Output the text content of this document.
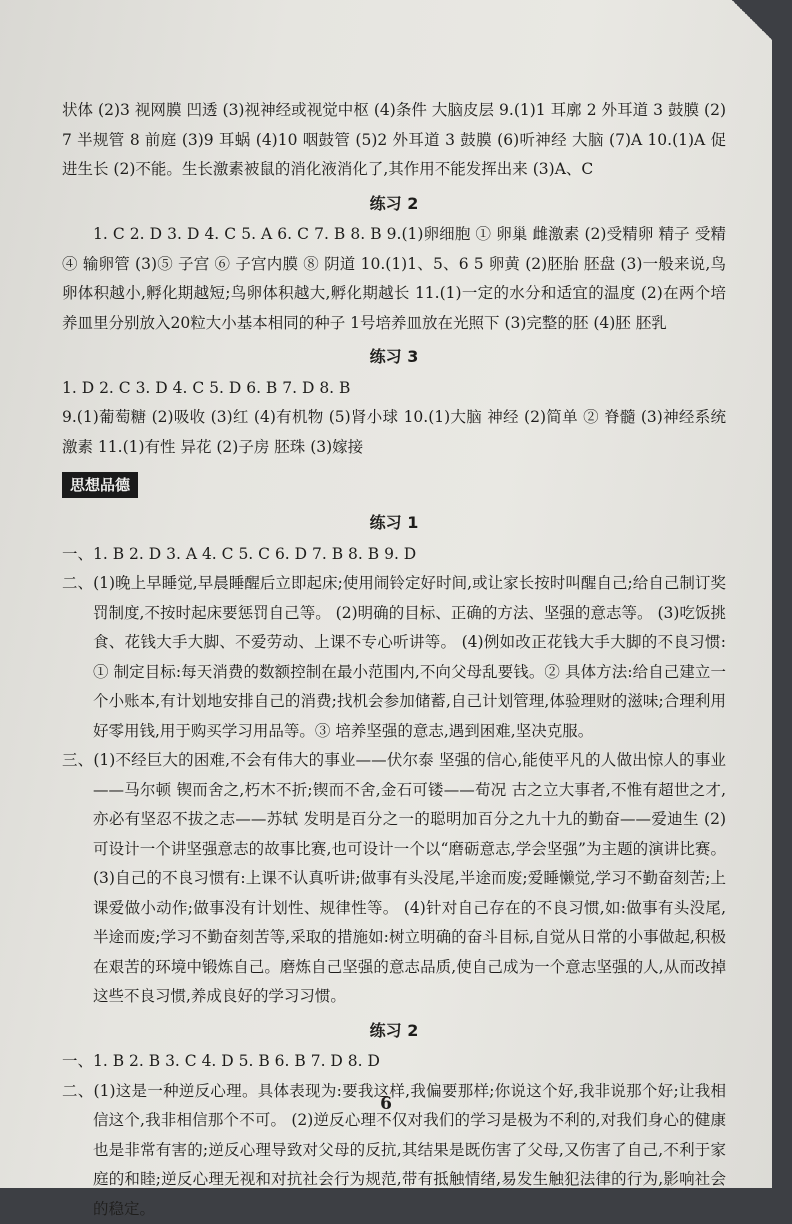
状体 (2)3 视网膜 凹透 (3)视神经或视觉中枢 (4)条件 大脑皮层 9.(1)1 耳廓 2 外耳道 3 鼓膜 (2)7 半规管 8 前庭 (3)9 耳蜗 (4)10 咽鼓管 (5)2 外耳道 3 鼓膜 (6)听神经 大脑 (7)A 10.(1)A 促进生长 (2)不能。生长激素被鼠的消化液消化了,其作用不能发挥出来 (3)A、C

练习 2

1. C 2. D 3. D 4. C 5. A 6. C 7. B 8. B 9.(1)卵细胞 ① 卵巢 雌激素 (2)受精卵 精子 受精 ④ 输卵管 (3)⑤ 子宫 ⑥ 子宫内膜 ⑧ 阴道 10.(1)1、5、6 5 卵黄 (2)胚胎 胚盘 (3)一般来说,鸟卵体积越小,孵化期越短;鸟卵体积越大,孵化期越长 11.(1)一定的水分和适宜的温度 (2)在两个培养皿里分别放入20粒大小基本相同的种子 1号培养皿放在光照下 (3)完整的胚 (4)胚 胚乳

练习 3

1. D 2. C 3. D 4. C 5. D 6. B 7. D 8. B

9.(1)葡萄糖 (2)吸收 (3)红 (4)有机物 (5)肾小球 10.(1)大脑 神经 (2)简单 ② 脊髓 (3)神经系统 激素 11.(1)有性 异花 (2)子房 胚珠 (3)嫁接

思想品德
练习 1

一、1. B 2. D 3. A 4. C 5. C 6. D 7. B 8. B 9. D

二、(1)晚上早睡觉,早晨睡醒后立即起床;使用闹铃定好时间,或让家长按时叫醒自己;给自己制订奖罚制度,不按时起床要惩罚自己等。 (2)明确的目标、正确的方法、坚强的意志等。 (3)吃饭挑食、花钱大手大脚、不爱劳动、上课不专心听讲等。 (4)例如改正花钱大手大脚的不良习惯:① 制定目标:每天消费的数额控制在最小范围内,不向父母乱要钱。② 具体方法:给自己建立一个小账本,有计划地安排自己的消费;找机会参加储蓄,自己计划管理,体验理财的滋味;合理利用好零用钱,用于购买学习用品等。③ 培养坚强的意志,遇到困难,坚决克服。

三、(1)不经巨大的困难,不会有伟大的事业——伏尔泰 坚强的信心,能使平凡的人做出惊人的事业——马尔顿 锲而舍之,朽木不折;锲而不舍,金石可镂——荀况 古之立大事者,不惟有超世之才,亦必有坚忍不拔之志——苏轼 发明是百分之一的聪明加百分之九十九的勤奋——爱迪生 (2)可设计一个讲坚强意志的故事比赛,也可设计一个以“磨砺意志,学会坚强”为主题的演讲比赛。 (3)自己的不良习惯有:上课不认真听讲;做事有头没尾,半途而废;爱睡懒觉,学习不勤奋刻苦;上课爱做小动作;做事没有计划性、规律性等。 (4)针对自己存在的不良习惯,如:做事有头没尾,半途而废;学习不勤奋刻苦等,采取的措施如:树立明确的奋斗目标,自觉从日常的小事做起,积极在艰苦的环境中锻炼自己。磨炼自己坚强的意志品质,使自己成为一个意志坚强的人,从而改掉这些不良习惯,养成良好的学习习惯。

练习 2

一、1. B 2. B 3. C 4. D 5. B 6. B 7. D 8. D

二、(1)这是一种逆反心理。具体表现为:要我这样,我偏要那样;你说这个好,我非说那个好;让我相信这个,我非相信那个不可。 (2)逆反心理不仅对我们的学习是极为不利的,对我们身心的健康也是非常有害的;逆反心理导致对父母的反抗,其结果是既伤害了父母,又伤害了自己,不利于家庭的和睦;逆反心理无视和对抗社会行为规范,带有抵触情绪,易发生触犯法律的行为,影响社会的稳定。

6
